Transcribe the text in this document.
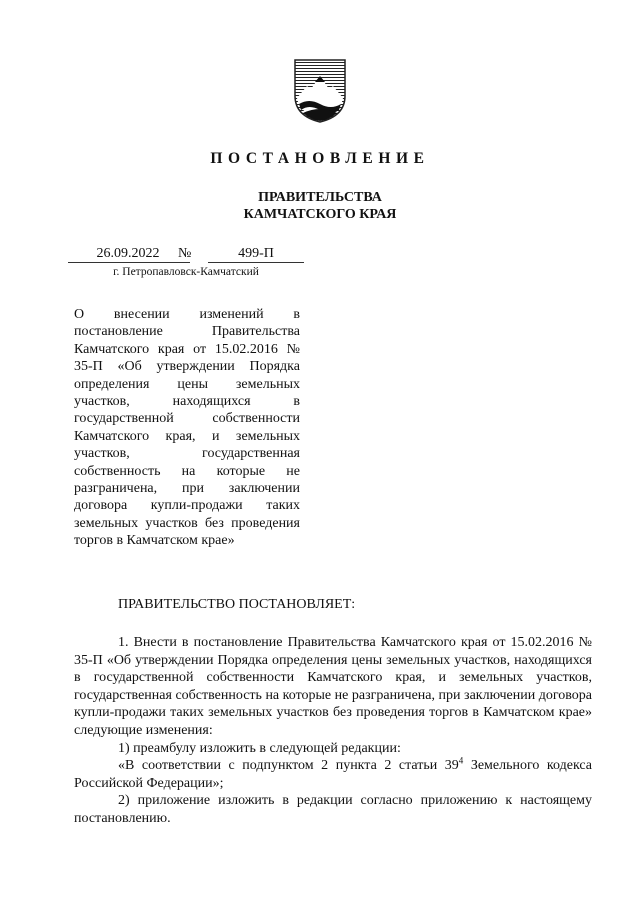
ПОСТАНОВЛЕНИЕ
ПРАВИТЕЛЬСТВА
КАМЧАТСКОГО КРАЯ
26.09.2022	№	499-П
г. Петропавловск-Камчатский
О внесении изменений в постановление Правительства Камчатского края от 15.02.2016 № 35-П «Об утверждении Порядка определения цены земельных участков, находящихся в государственной собственности Камчатского края, и земельных участков, государственная собственность на которые не разграничена, при заключении договора купли-продажи таких земельных участков без проведения торгов в Камчатском крае»
ПРАВИТЕЛЬСТВО ПОСТАНОВЛЯЕТ:

1. Внести в постановление Правительства Камчатского края от 15.02.2016 № 35-П «Об утверждении Порядка определения цены земельных участков, находящихся в государственной собственности Камчатского края, и земельных участков, государственная собственность на которые не разграничена, при заключении договора купли-продажи таких земельных участков без проведения торгов в Камчатском крае» следующие изменения:

1) преамбулу изложить в следующей редакции:

«В соответствии с подпунктом 2 пункта 2 статьи $39^4$ Земельного кодекса Российской Федерации»;

2) приложение изложить в редакции согласно приложению к настоящему постановлению.
